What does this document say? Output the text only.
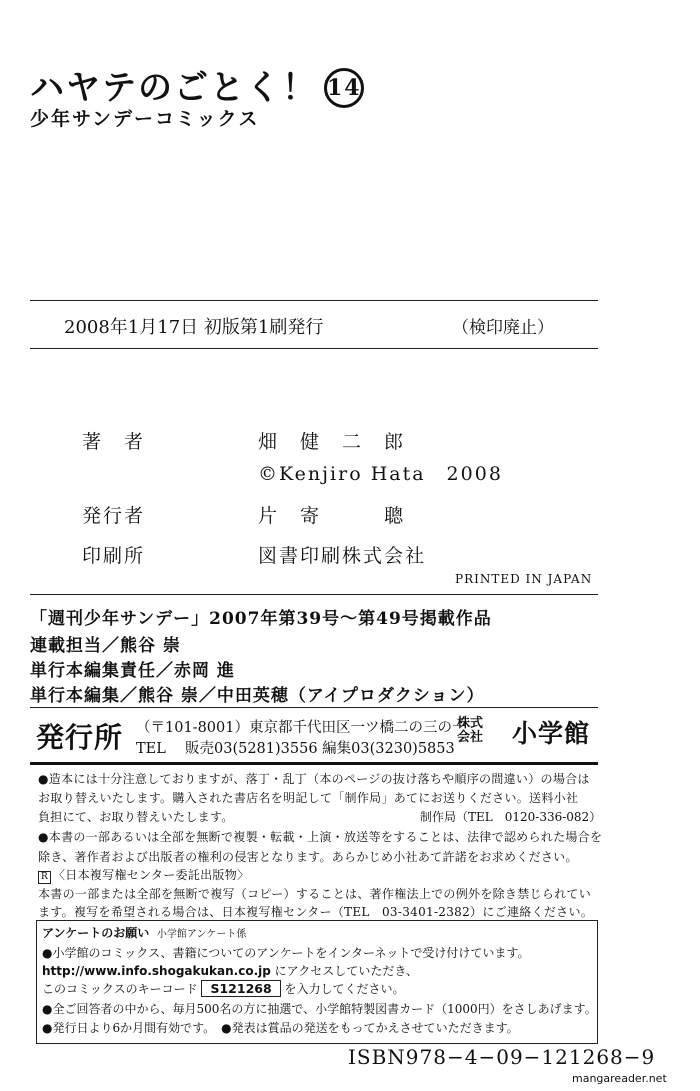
ハヤテのごとく！ 14
少年サンデーコミックス
2008年1月17日 初版第1刷発行	（検印廃止）
著　者	畑　健　二　郎
©Kenjiro Hata　2008
発行者	片　寄　　　聰
印刷所	図書印刷株式会社
PRINTED IN JAPAN
「週刊少年サンデー」2007年第39号〜第49号掲載作品
連載担当／熊谷 崇
単行本編集責任／赤岡 進
単行本編集／熊谷 崇／中田英穂（アイプロダクション）
発行所 （〒101-8001）東京都千代田区一ツ橋二の三の一
TEL　 販売03(5281)3556 編集03(3230)5853
株式
会社 小学館
●造本には十分注意しておりますが、落丁・乱丁（本のページの抜け落ちや順序の間違い）の場合は
お取り替えいたします。購入された書店名を明記して「制作局」あてにお送りください。送料小社
負担にて、お取り替えいたします。	制作局（TEL　0120-336-082）
●本書の一部あるいは全部を無断で複製・転載・上演・放送等をすることは、法律で認められた場合を
除き、著作者および出版者の権利の侵害となります。あらかじめ小社あて許諾をお求めください。
R 〈日本複写権センター委託出版物〉
本書の一部または全部を無断で複写（コピー）することは、著作権法上での例外を除き禁じられてい
ます。複写を希望される場合は、日本複写権センター（TEL　03-3401-2382）にご連絡ください。
アンケートのお願い 小学館アンケート係
●小学館のコミックス、書籍についてのアンケートをインターネットで受け付けています。
http://www.info.shogakukan.co.jp にアクセスしていただき、
このコミックスのキーコード S121268 を入力してください。
●全ご回答者の中から、毎月500名の方に抽選で、小学館特製図書カード（1000円）をさしあげます。
●発行日より6か月間有効です。　●発表は賞品の発送をもってかえさせていただきます。
ISBN978−4−09−121268−9
mangareader.net
